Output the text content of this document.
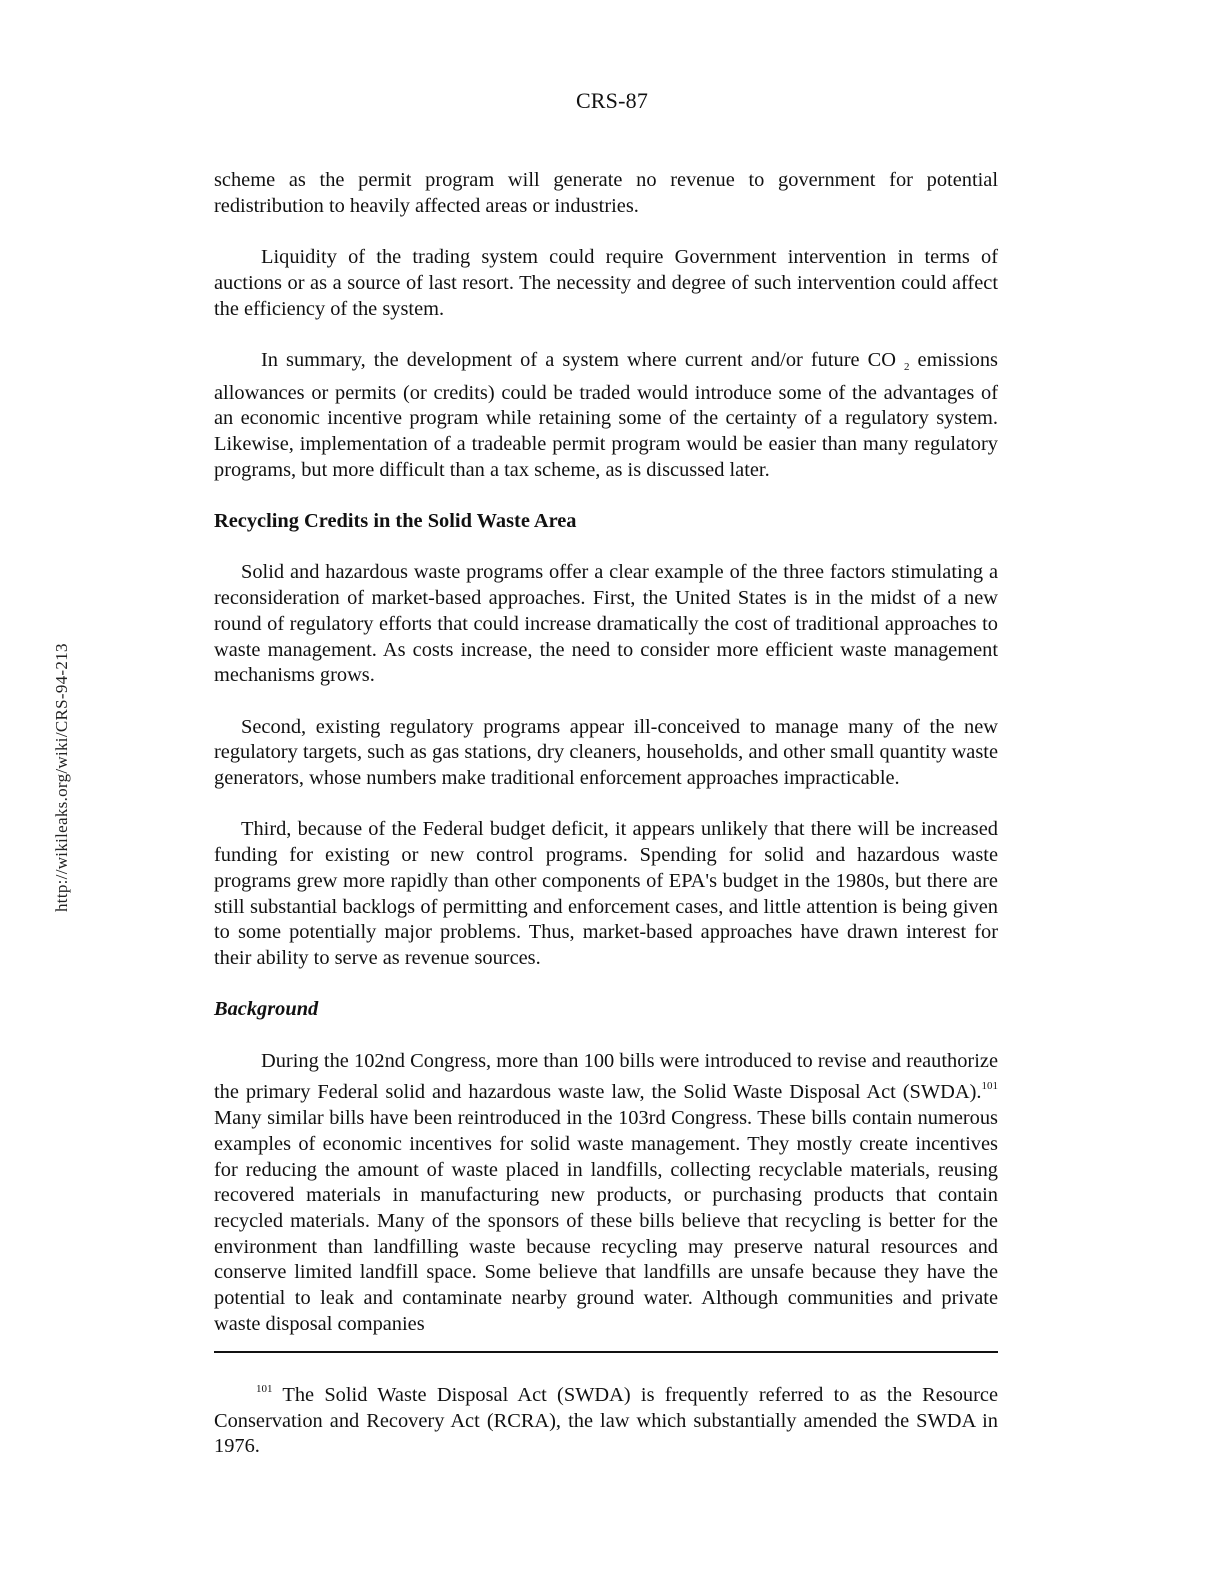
CRS-87
http://wikileaks.org/wiki/CRS-94-213

scheme as the permit program will generate no revenue to government for potential redistribution to heavily affected areas or industries.

Liquidity of the trading system could require Government intervention in terms of auctions or as a source of last resort. The necessity and degree of such intervention could affect the efficiency of the system.

In summary, the development of a system where current and/or future CO $_2$ emissions allowances or permits (or credits) could be traded would introduce some of the advantages of an economic incentive program while retaining some of the certainty of a regulatory system. Likewise, implementation of a tradeable permit program would be easier than many regulatory programs, but more difficult than a tax scheme, as is discussed later.

Recycling Credits in the Solid Waste Area

Solid and hazardous waste programs offer a clear example of the three factors stimulating a reconsideration of market-based approaches. First, the United States is in the midst of a new round of regulatory efforts that could increase dramatically the cost of traditional approaches to waste management. As costs increase, the need to consider more efficient waste management mechanisms grows.

Second, existing regulatory programs appear ill-conceived to manage many of the new regulatory targets, such as gas stations, dry cleaners, households, and other small quantity waste generators, whose numbers make traditional enforcement approaches impracticable.

Third, because of the Federal budget deficit, it appears unlikely that there will be increased funding for existing or new control programs. Spending for solid and hazardous waste programs grew more rapidly than other components of EPA's budget in the 1980s, but there are still substantial backlogs of permitting and enforcement cases, and little attention is being given to some potentially major problems. Thus, market-based approaches have drawn interest for their ability to serve as revenue sources.

Background

During the 102nd Congress, more than 100 bills were introduced to revise and reauthorize the primary Federal solid and hazardous waste law, the Solid Waste Disposal Act (SWDA).$^{101}$ Many similar bills have been reintroduced in the 103rd Congress. These bills contain numerous examples of economic incentives for solid waste management. They mostly create incentives for reducing the amount of waste placed in landfills, collecting recyclable materials, reusing recovered materials in manufacturing new products, or purchasing products that contain recycled materials. Many of the sponsors of these bills believe that recycling is better for the environment than landfilling waste because recycling may preserve natural resources and conserve limited landfill space. Some believe that landfills are unsafe because they have the potential to leak and contaminate nearby ground water. Although communities and private waste disposal companies

$^{101}$ The Solid Waste Disposal Act (SWDA) is frequently referred to as the Resource Conservation and Recovery Act (RCRA), the law which substantially amended the SWDA in 1976.
